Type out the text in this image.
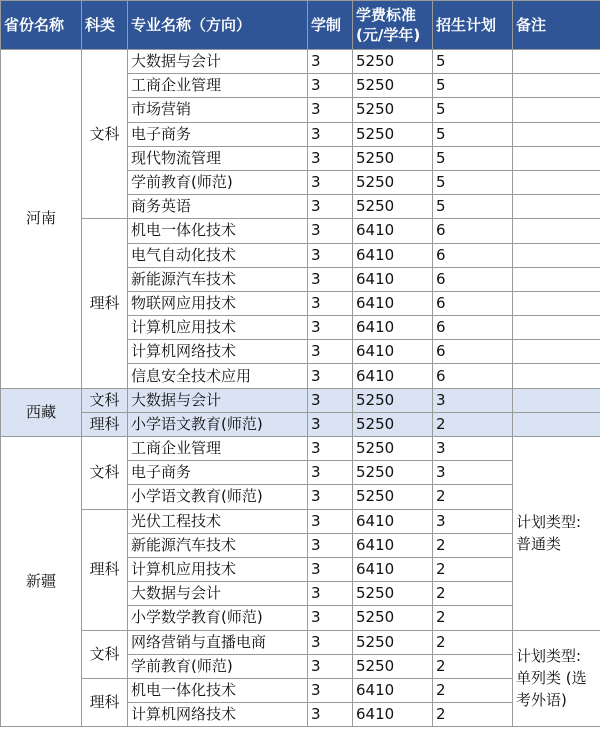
省份名称	科类	专业名称（方向）	学制	学费标准(元/学年)	招生计划	备注
河南	文科	大数据与会计	3	5250	5	
		工商企业管理	3	5250	5	
		市场营销	3	5250	5	
		电子商务	3	5250	5	
		现代物流管理	3	5250	5	
		学前教育(师范)	3	5250	5	
		商务英语	3	5250	5	
	理科	机电一体化技术	3	6410	6	
		电气自动化技术	3	6410	6	
		新能源汽车技术	3	6410	6	
		物联网应用技术	3	6410	6	
		计算机应用技术	3	6410	6	
		计算机网络技术	3	6410	6	
		信息安全技术应用	3	6410	6	
西藏	文科	大数据与会计	3	5250	3	
	理科	小学语文教育(师范)	3	5250	2	
新疆	文科	工商企业管理	3	5250	3	计划类型: 普通类
		电子商务	3	5250	3	
		小学语文教育(师范)	3	5250	2	
	理科	光伏工程技术	3	6410	3	
		新能源汽车技术	3	6410	2	
		计算机应用技术	3	6410	2	
		大数据与会计	3	5250	2	
		小学数学教育(师范)	3	5250	2	
	文科	网络营销与直播电商	3	5250	2	计划类型: 单列类 (选考外语)
		学前教育(师范)	3	5250	2	
	理科	机电一体化技术	3	6410	2	
		计算机网络技术	3	6410	2	
